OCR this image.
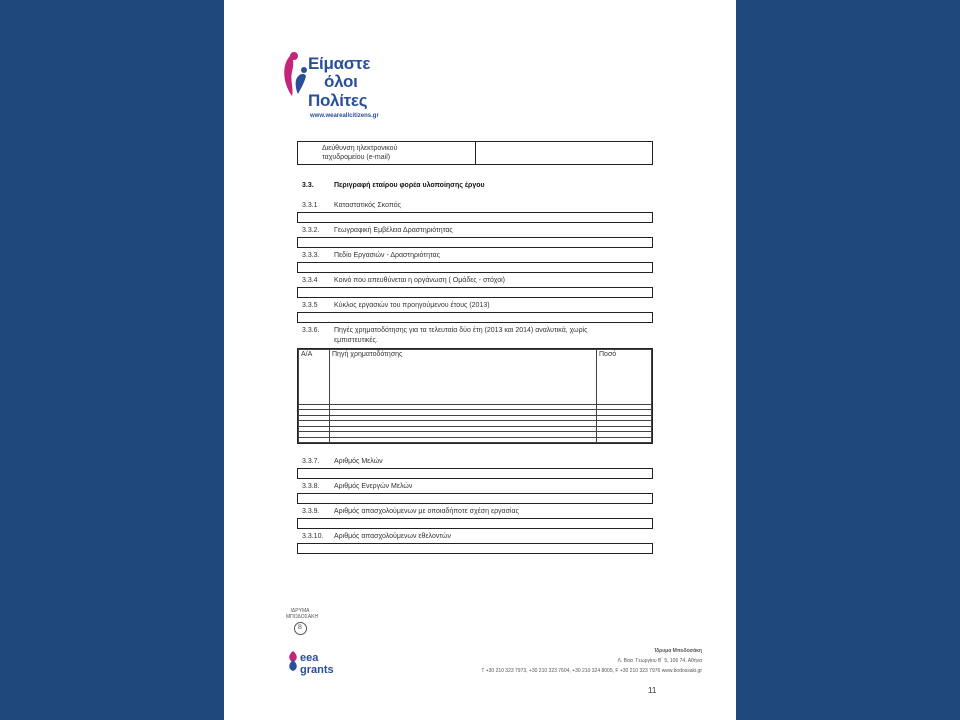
Είμαστε
όλοι
Πολίτες
www.weareallcitizens.gr
Διεύθυνση ηλεκτρονικού
ταχυδρομείου (e-mail)
3.3.	Περιγραφή εταίρου φορέα υλοποίησης έργου
3.3.1 Καταστατικός Σκοπός
3.3.2. Γεωγραφική Εμβέλεια Δραστηριότητας
3.3.3. Πεδίο Εργασιών - Δραστηριότητας
3.3.4 Κοινό που απευθύνεται η οργάνωση ( Ομάδες - στόχοι)
3.3.5 Κύκλος εργασιών του προηγούμενου έτους (2013)
3.3.6. Πηγές χρηματοδότησης για τα τελευταία δύο έτη (2013 και 2014) αναλυτικά, χωρίς
εμπιστευτικές.
Α/Α	Πηγή χρηματοδότησης	Ποσό

3.3.7. Αριθμός Μελών
3.3.8. Αριθμός Ενεργών Μελών
3.3.9. Αριθμός απασχολούμενων με οποιαδήποτε σχέση εργασίας
3.3.10. Αριθμός απασχολούμενων εθελοντών
ΙΔΡΥΜΑ
ΜΠΟΔΟΣΑΚΗ
B
eea
grants
Ίδρυμα Μποδοσάκη
Λ. Βασ. Γεωργίου Β΄ 5, 106 74, Αθήνα
T +30 210 323 7973, +30 210 323 7604, +30 210 324 8005, F +30 210 323 7976 www.bodossaki.gr
11
